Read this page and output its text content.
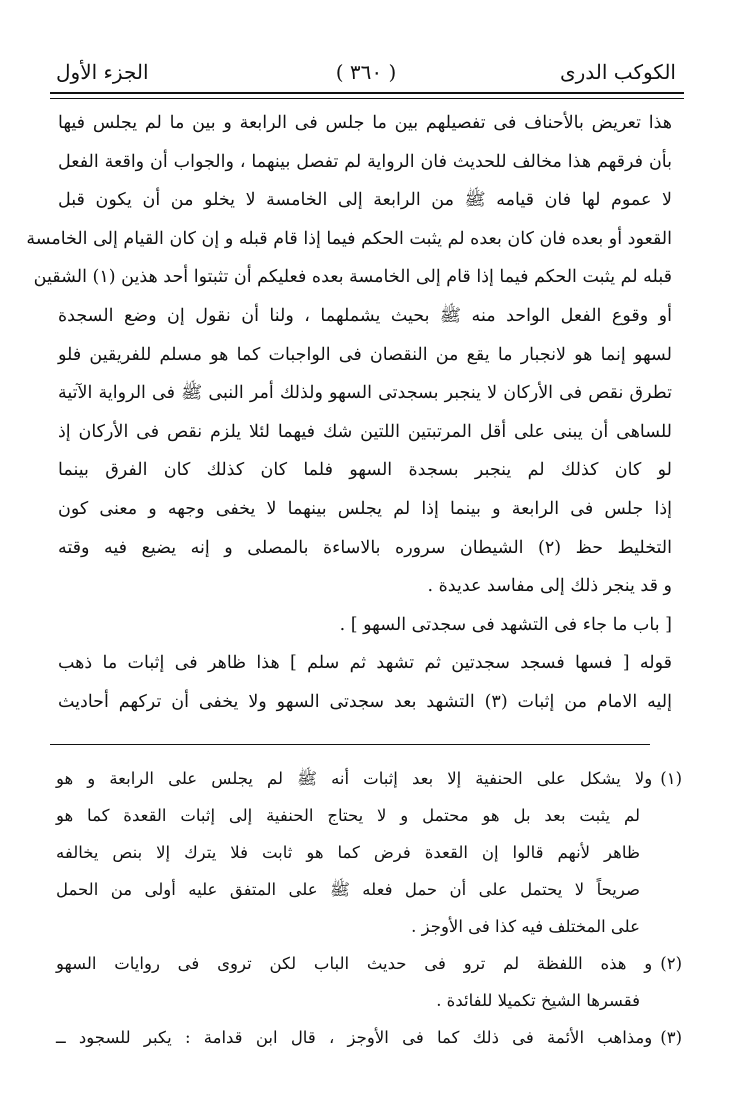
الكوكب الدرى
( ٣٦٠ )
الجزء الأول
هذا تعريض بالأحناف فى تفصيلهم بين ما جلس فى الرابعة و بين ما لم يجلس فيها
بأن فرقهم هذا مخالف للحديث فان الرواية لم تفصل بينهما ، والجواب أن واقعة الفعل
لا عموم لها فان قيامه ﷺ من الرابعة إلى الخامسة لا يخلو من أن يكون قبل
القعود أو بعده فان كان بعده لم يثبت الحكم فيما إذا قام قبله و إن كان القيام إلى الخامسة
قبله لم يثبت الحكم فيما إذا قام إلى الخامسة بعده فعليكم أن تثبتوا أحد هذين (١) الشقين
أو وقوع الفعل الواحد منه ﷺ بحيث يشملهما ، ولنا أن نقول إن وضع السجدة
لسهو إنما هو لانجبار ما يقع من النقصان فى الواجبات كما هو مسلم للفريقين فلو
تطرق نقص فى الأركان لا ينجبر بسجدتى السهو ولذلك أمر النبى ﷺ فى الرواية الآتية
للساهى أن يبنى على أقل المرتبتين اللتين شك فيهما لئلا يلزم نقص فى الأركان إذ
لو كان كذلك لم ينجبر بسجدة السهو فلما كان كذلك كان الفرق بينما
إذا جلس فى الرابعة و بينما إذا لم يجلس بينهما لا يخفى وجهه و معنى كون
التخليط حظ (٢) الشيطان سروره بالاساءة بالمصلى و إنه يضيع فيه وقته
و قد ينجر ذلك إلى مفاسد عديدة .
[ باب ما جاء فى التشهد فى سجدتى السهو ] .
قوله [ فسها فسجد سجدتين ثم تشهد ثم سلم ] هذا ظاهر فى إثبات ما ذهب
إليه الامام من إثبات (٣) التشهد بعد سجدتى السهو ولا يخفى أن تركهم أحاديث
(١)ولا يشكل على الحنفية إلا بعد إثبات أنه ﷺ لم يجلس على الرابعة و هو
لم يثبت بعد بل هو محتمل و لا يحتاج الحنفية إلى إثبات القعدة كما هو
ظاهر لأنهم قالوا إن القعدة فرض كما هو ثابت فلا يترك إلا بنص يخالفه
صريحاً لا يحتمل على أن حمل فعله ﷺ على المتفق عليه أولى من الحمل
على المختلف فيه كذا فى الأوجز .
(٢)و هذه اللفظة لم ترو فى حديث الباب لكن تروى فى روايات السهو
فقسرها الشيخ تكميلا للفائدة .
(٣)ومذاهب الأئمة فى ذلك كما فى الأوجز ، قال ابن قدامة : يكبر للسجود ــ
